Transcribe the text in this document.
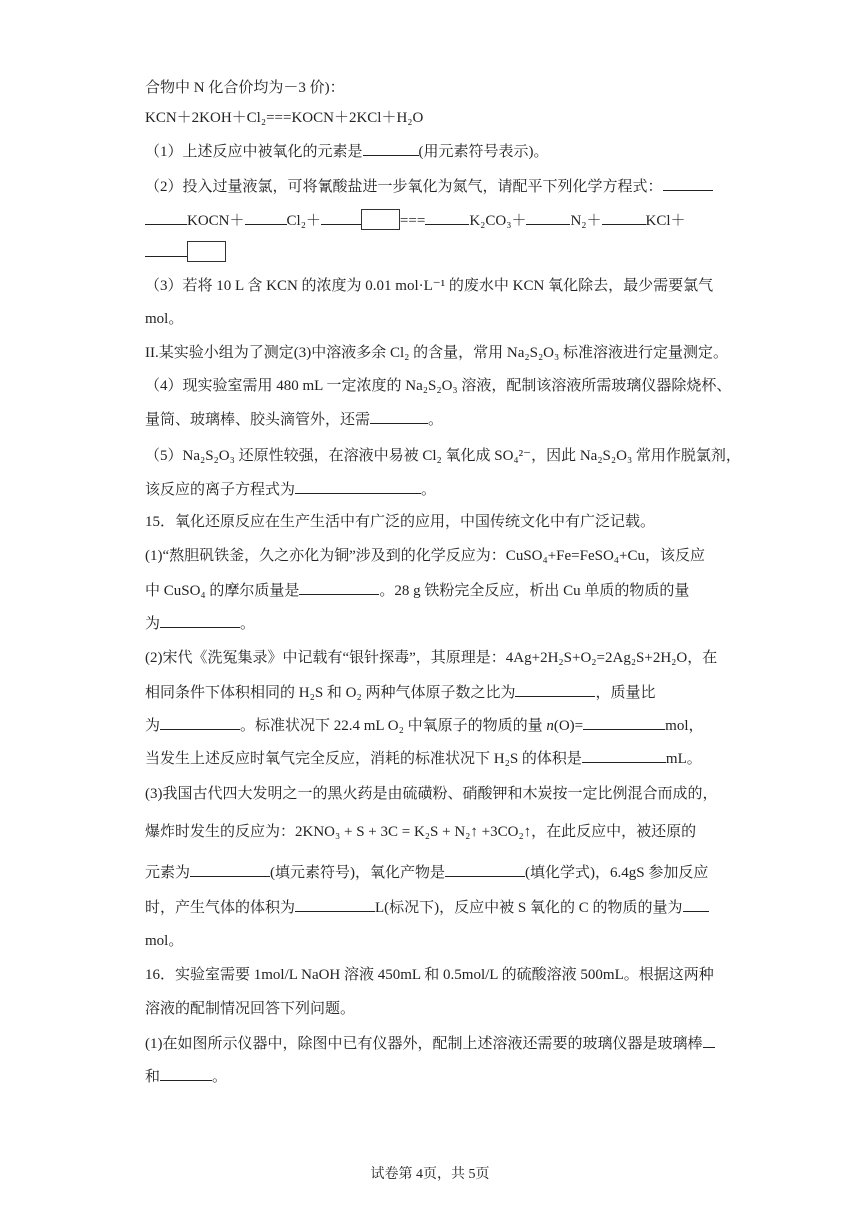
合物中 N 化合价均为－3 价)：
KCN＋2KOH＋Cl₂===KOCN＋2KCl＋H₂O
（1）上述反应中被氧化的元素是	(用元素符号表示)。
（2）投入过量液氯，可将氰酸盐进一步氧化为氮气，请配平下列化学方程式：
KOCN＋	Cl₂＋	===	K₂CO₃＋	N₂＋	KCl＋
（3）若将 10 L 含 KCN 的浓度为 0.01 mol·L⁻¹ 的废水中 KCN 氧化除去，最少需要氯气
mol。
II.某实验小组为了测定(3)中溶液多余 Cl₂ 的含量，常用 Na₂S₂O₃ 标准溶液进行定量测定。
（4）现实验室需用 480 mL 一定浓度的 Na₂S₂O₃ 溶液，配制该溶液所需玻璃仪器除烧杯、
量筒、玻璃棒、胶头滴管外，还需	。
（5）Na₂S₂O₃ 还原性较强，在溶液中易被 Cl₂ 氧化成 SO₄²⁻，因此 Na₂S₂O₃ 常用作脱氯剂，
该反应的离子方程式为	。
15．氧化还原反应在生产生活中有广泛的应用，中国传统文化中有广泛记载。
(1)“熬胆矾铁釜，久之亦化为铜”涉及到的化学反应为：CuSO₄+Fe=FeSO₄+Cu，该反应
中 CuSO₄ 的摩尔质量是	。28 g 铁粉完全反应，析出 Cu 单质的物质的量
为	。
(2)宋代《洗冤集录》中记载有“银针探毒”，其原理是：4Ag+2H₂S+O₂=2Ag₂S+2H₂O，在
相同条件下体积相同的 H₂S 和 O₂ 两种气体原子数之比为	，质量比
为	。标准状况下 22.4 mL O₂ 中氧原子的物质的量 n(O)=	mol，
当发生上述反应时氧气完全反应，消耗的标准状况下 H₂S 的体积是	mL。
(3)我国古代四大发明之一的黑火药是由硫磺粉、硝酸钾和木炭按一定比例混合而成的，
爆炸时发生的反应为：2KNO₃ + S + 3C = K₂S + N₂↑ +3CO₂↑，在此反应中，被还原的
元素为	(填元素符号)，氧化产物是	(填化学式)，6.4gS 参加反应
时，产生气体的体积为	L(标况下)，反应中被 S 氧化的 C 的物质的量为
mol。
16．实验室需要 1mol/L NaOH 溶液 450mL 和 0.5mol/L 的硫酸溶液 500mL。根据这两种
溶液的配制情况回答下列问题。
(1)在如图所示仪器中，除图中已有仪器外，配制上述溶液还需要的玻璃仪器是玻璃棒
和	。
试卷第 4页，共 5页
